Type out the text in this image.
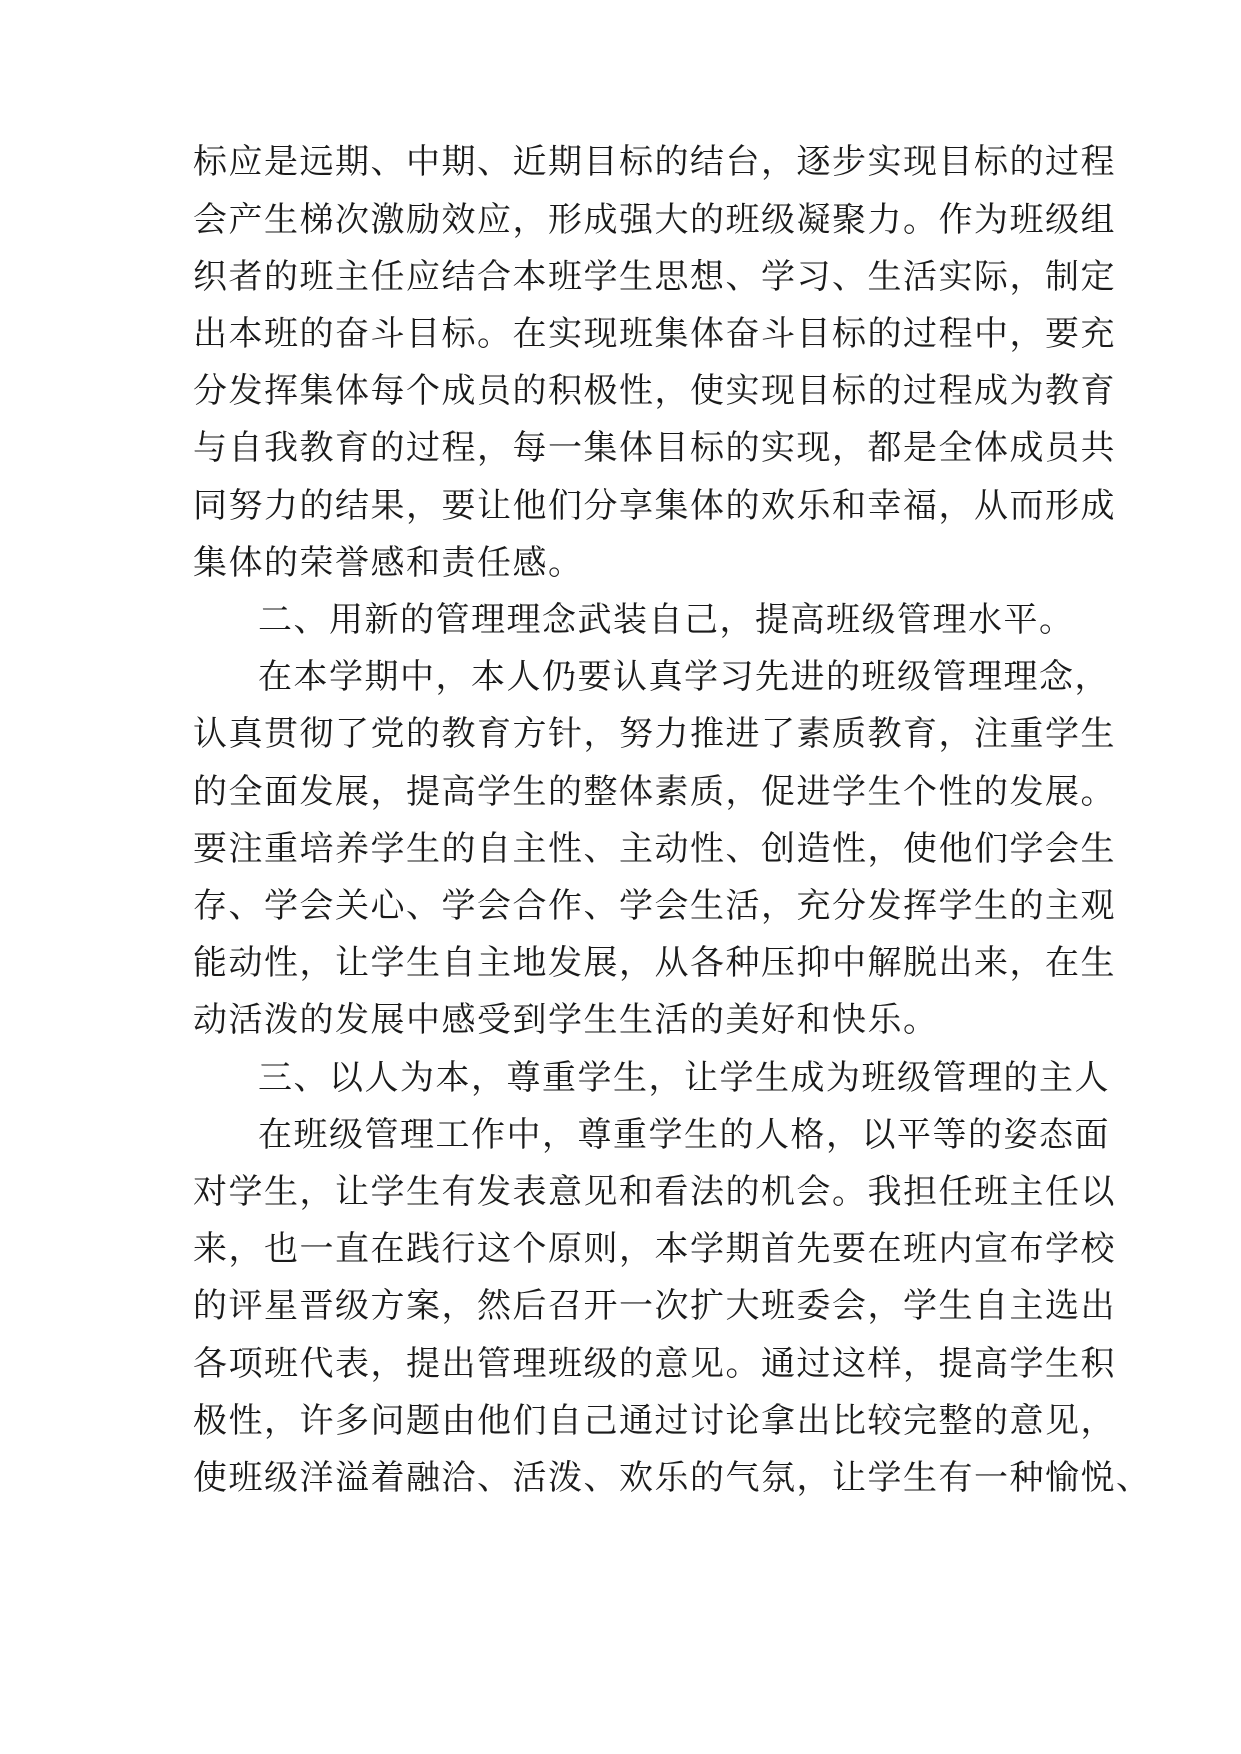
标应是远期、中期、近期目标的结台，逐步实现目标的过程
会产生梯次激励效应，形成强大的班级凝聚力。作为班级组
织者的班主任应结合本班学生思想、学习、生活实际，制定
出本班的奋斗目标。在实现班集体奋斗目标的过程中，要充
分发挥集体每个成员的积极性，使实现目标的过程成为教育
与自我教育的过程，每一集体目标的实现，都是全体成员共
同努力的结果，要让他们分享集体的欢乐和幸福，从而形成
集体的荣誉感和责任感。
二、用新的管理理念武装自己，提高班级管理水平。
在本学期中，本人仍要认真学习先进的班级管理理念，
认真贯彻了党的教育方针，努力推进了素质教育，注重学生
的全面发展，提高学生的整体素质，促进学生个性的发展。
要注重培养学生的自主性、主动性、创造性，使他们学会生
存、学会关心、学会合作、学会生活，充分发挥学生的主观
能动性，让学生自主地发展，从各种压抑中解脱出来，在生
动活泼的发展中感受到学生生活的美好和快乐。
三、以人为本，尊重学生，让学生成为班级管理的主人
在班级管理工作中，尊重学生的人格，以平等的姿态面
对学生，让学生有发表意见和看法的机会。我担任班主任以
来，也一直在践行这个原则，本学期首先要在班内宣布学校
的评星晋级方案，然后召开一次扩大班委会，学生自主选出
各项班代表，提出管理班级的意见。通过这样，提高学生积
极性，许多问题由他们自己通过讨论拿出比较完整的意见，
使班级洋溢着融洽、活泼、欢乐的气氛，让学生有一种愉悦、
